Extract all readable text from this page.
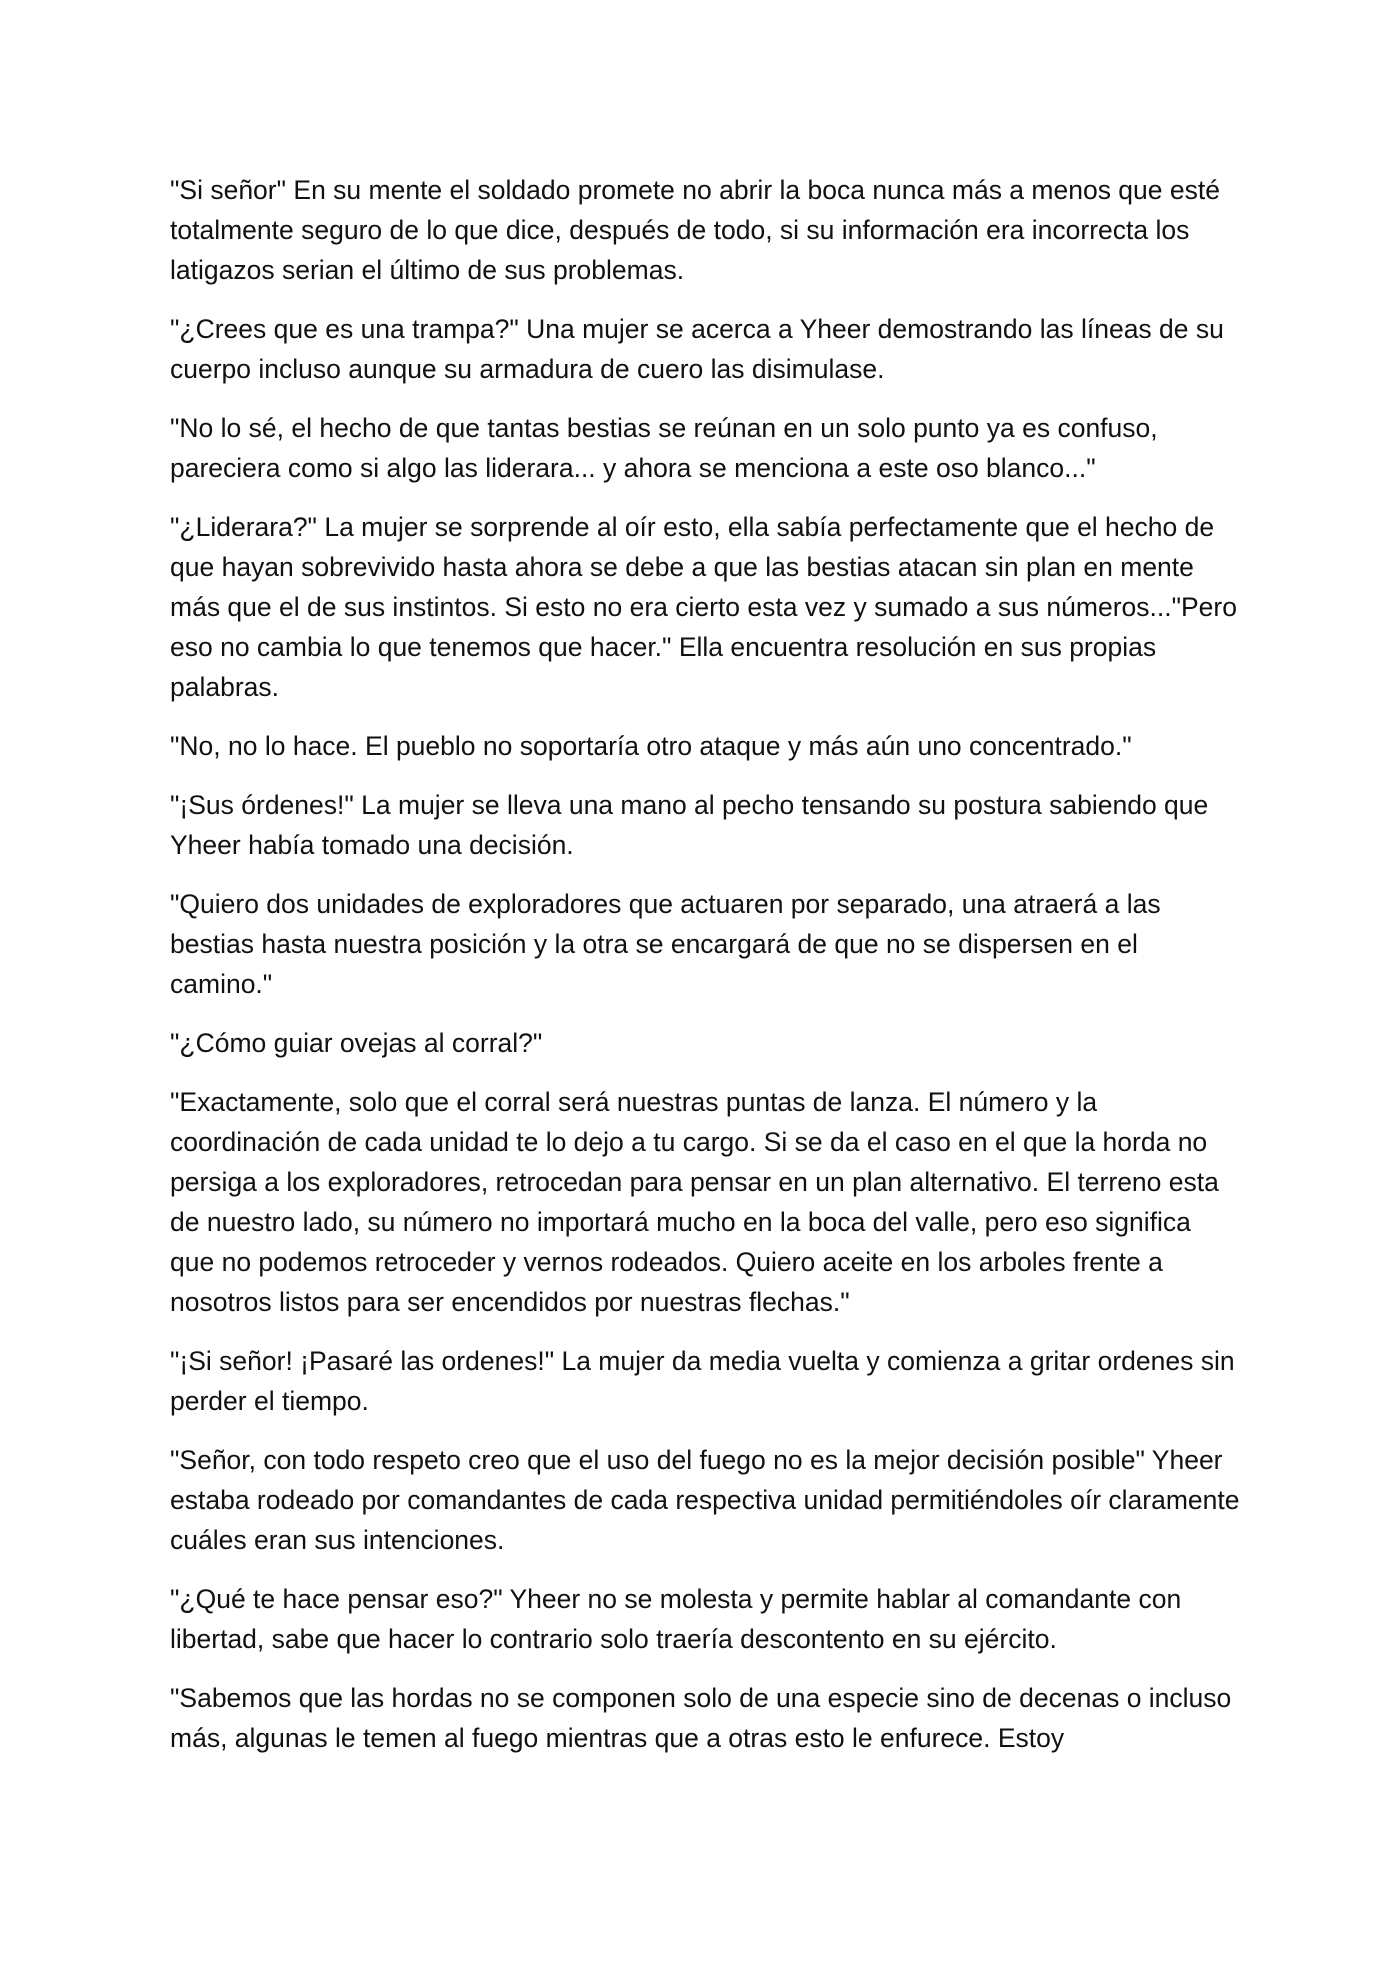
"Si señor" En su mente el soldado promete no abrir la boca nunca más a menos que esté totalmente seguro de lo que dice, después de todo, si su información era incorrecta los latigazos serian el último de sus problemas.

"¿Crees que es una trampa?" Una mujer se acerca a Yheer demostrando las líneas de su cuerpo incluso aunque su armadura de cuero las disimulase.

"No lo sé, el hecho de que tantas bestias se reúnan en un solo punto ya es confuso, pareciera como si algo las liderara... y ahora se menciona a este oso blanco..."

"¿Liderara?" La mujer se sorprende al oír esto, ella sabía perfectamente que el hecho de que hayan sobrevivido hasta ahora se debe a que las bestias atacan sin plan en mente más que el de sus instintos. Si esto no era cierto esta vez y sumado a sus números..."Pero eso no cambia lo que tenemos que hacer." Ella encuentra resolución en sus propias palabras.

"No, no lo hace. El pueblo no soportaría otro ataque y más aún uno concentrado."

"¡Sus órdenes!" La mujer se lleva una mano al pecho tensando su postura sabiendo que Yheer había tomado una decisión.

"Quiero dos unidades de exploradores que actuaren por separado, una atraerá a las bestias hasta nuestra posición y la otra se encargará de que no se dispersen en el camino."

"¿Cómo guiar ovejas al corral?"

"Exactamente, solo que el corral será nuestras puntas de lanza. El número y la coordinación de cada unidad te lo dejo a tu cargo. Si se da el caso en el que la horda no persiga a los exploradores, retrocedan para pensar en un plan alternativo. El terreno esta de nuestro lado, su número no importará mucho en la boca del valle, pero eso significa que no podemos retroceder y vernos rodeados. Quiero aceite en los arboles frente a nosotros listos para ser encendidos por nuestras flechas."

"¡Si señor! ¡Pasaré las ordenes!" La mujer da media vuelta y comienza a gritar ordenes sin perder el tiempo.

"Señor, con todo respeto creo que el uso del fuego no es la mejor decisión posible" Yheer estaba rodeado por comandantes de cada respectiva unidad permitiéndoles oír claramente cuáles eran sus intenciones.

"¿Qué te hace pensar eso?" Yheer no se molesta y permite hablar al comandante con libertad, sabe que hacer lo contrario solo traería descontento en su ejército.

"Sabemos que las hordas no se componen solo de una especie sino de decenas o incluso más, algunas le temen al fuego mientras que a otras esto le enfurece. Estoy
